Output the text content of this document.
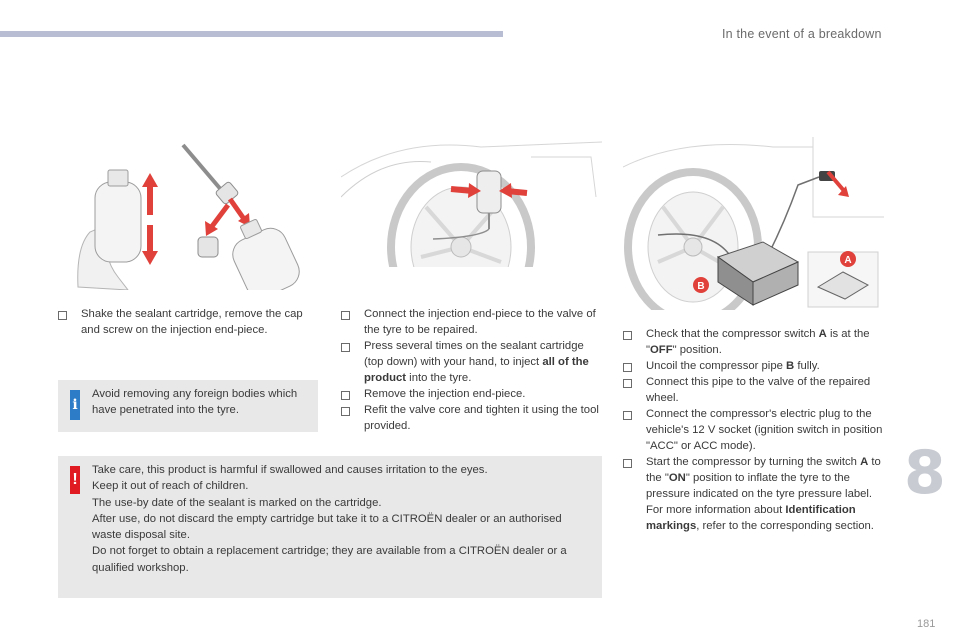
In the event of a breakdown
B
A
Shake the sealant cartridge, remove the cap and screw on the injection end-piece.
i
Avoid removing any foreign bodies which have penetrated into the tyre.
Connect the injection end-piece to the valve of the tyre to be repaired.
Press several times on the sealant cartridge (top down) with your hand, to inject all of the product into the tyre.
Remove the injection end-piece.
Refit the valve core and tighten it using the tool provided.
Check that the compressor switch A is at the "OFF" position.
Uncoil the compressor pipe B fully.
Connect this pipe to the valve of the repaired wheel.
Connect the compressor's electric plug to the vehicle's 12 V socket (ignition switch in position "ACC" or ACC mode).
Start the compressor by turning the switch A to the "ON" position to inflate the tyre to the pressure indicated on the tyre pressure label.
For more information about Identification markings, refer to the corresponding section.
!
Take care, this product is harmful if swallowed and causes irritation to the eyes.
Keep it out of reach of children.
The use-by date of the sealant is marked on the cartridge.
After use, do not discard the empty cartridge but take it to a CITROËN dealer or an authorised waste disposal site.
Do not forget to obtain a replacement cartridge; they are available from a CITROËN dealer or a qualified workshop.
8
181
